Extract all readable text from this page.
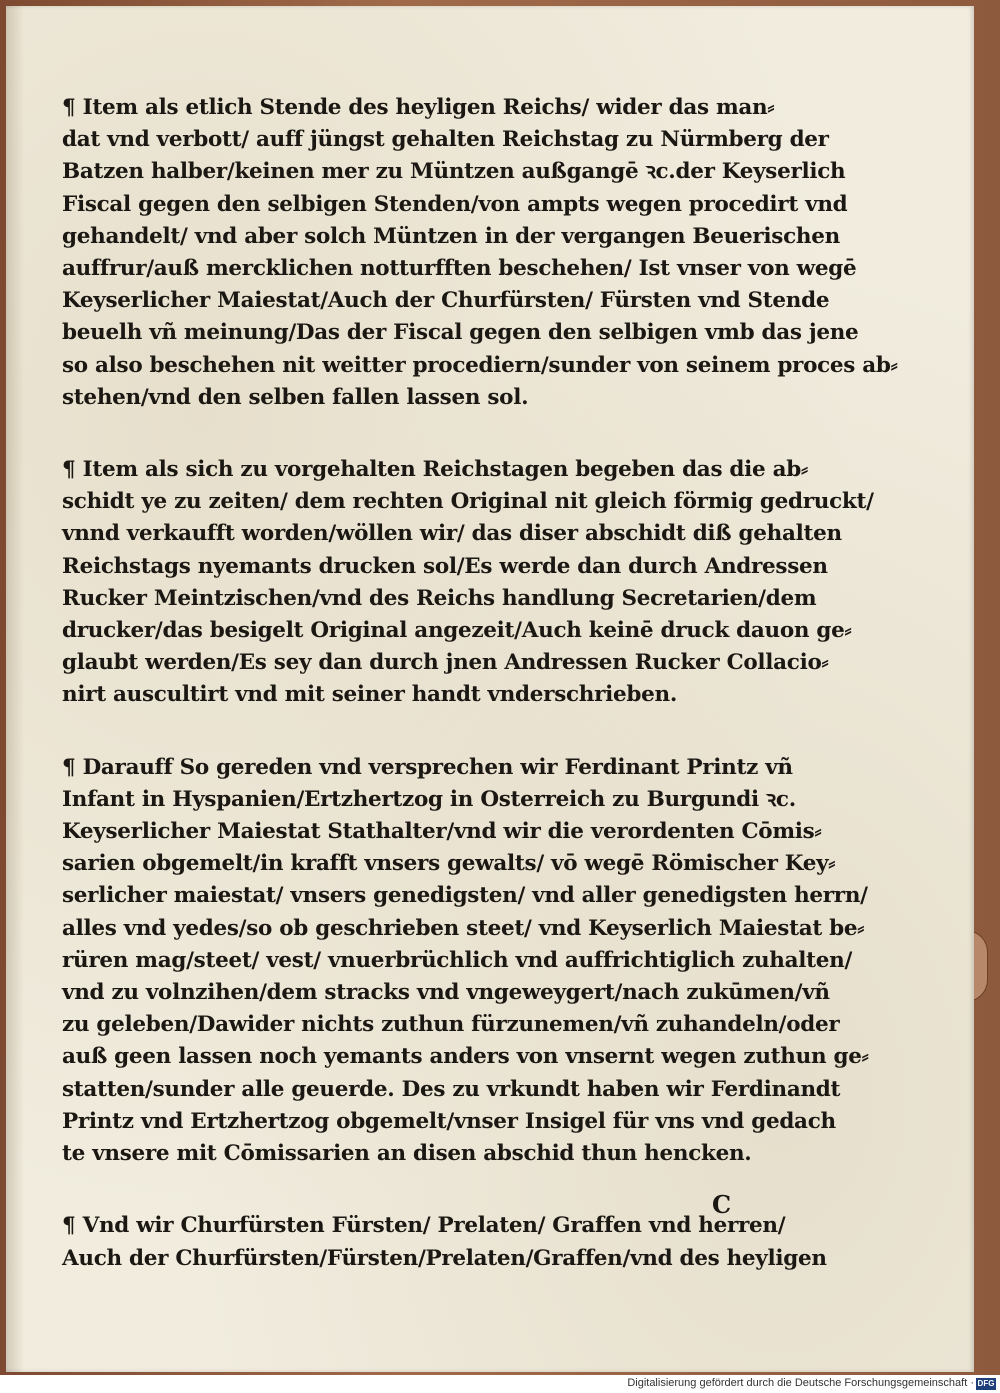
¶ Item als etlich Stende des heyligen Reichs/ wider das man⸗
dat vnd verbott/ auff jüngst gehalten Reichstag zu Nürmberg der
Batzen halber/keinen mer zu Müntzen außgangē ꝛc.der Keyserlich
Fiscal gegen den selbigen Stenden/von ampts wegen procedirt vnd
gehandelt/ vnd aber solch Müntzen in der vergangen Beuerischen
auffrur/auß mercklichen notturfften beschehen/ Ist vnser von wegē
Keyserlicher Maiestat/Auch der Churfürsten/ Fürsten vnd Stende
beuelh vñ meinung/Das der Fiscal gegen den selbigen vmb das jene
so also beschehen nit weitter procediern/sunder von seinem proces ab⸗
stehen/vnd den selben fallen lassen sol.

¶ Item als sich zu vorgehalten Reichstagen begeben das die ab⸗
schidt ye zu zeiten/ dem rechten Original nit gleich förmig gedruckt/
vnnd verkaufft worden/wöllen wir/ das diser abschidt diß gehalten
Reichstags nyemants drucken sol/Es werde dan durch Andressen
Rucker Meintzischen/vnd des Reichs handlung Secretarien/dem
drucker/das besigelt Original angezeit/Auch keinē druck dauon ge⸗
glaubt werden/Es sey dan durch jnen Andressen Rucker Collacio⸗
nirt auscultirt vnd mit seiner handt vnderschrieben.

¶ Darauff So gereden vnd versprechen wir Ferdinant Printz vñ
Infant in Hyspanien/Ertzhertzog in Osterreich zu Burgundi ꝛc.
Keyserlicher Maiestat Stathalter/vnd wir die verordenten Cōmis⸗
sarien obgemelt/in krafft vnsers gewalts/ vō wegē Römischer Key⸗
serlicher maiestat/ vnsers genedigsten/ vnd aller genedigsten herrn/
alles vnd yedes/so ob geschrieben steet/ vnd Keyserlich Maiestat be⸗
rüren mag/steet/ vest/ vnuerbrüchlich vnd auffrichtiglich zuhalten/
vnd zu volnzihen/dem stracks vnd vngeweygert/nach zukūmen/vñ
zu geleben/Dawider nichts zuthun fürzunemen/vñ zuhandeln/oder
auß geen lassen noch yemants anders von vnsernt wegen zuthun ge⸗
statten/sunder alle geuerde. Des zu vrkundt haben wir Ferdinandt
Printz vnd Ertzhertzog obgemelt/vnser Insigel für vns vnd gedach
te vnsere mit Cōmissarien an disen abschid thun hencken.

¶ Vnd wir Churfürsten Fürsten/ Prelaten/ Graffen vnd herren/
Auch der Churfürsten/Fürsten/Prelaten/Graffen/vnd des heyligen

C
Digitalisierung gefördert durch die Deutsche Forschungsgemeinschaft · DFG
